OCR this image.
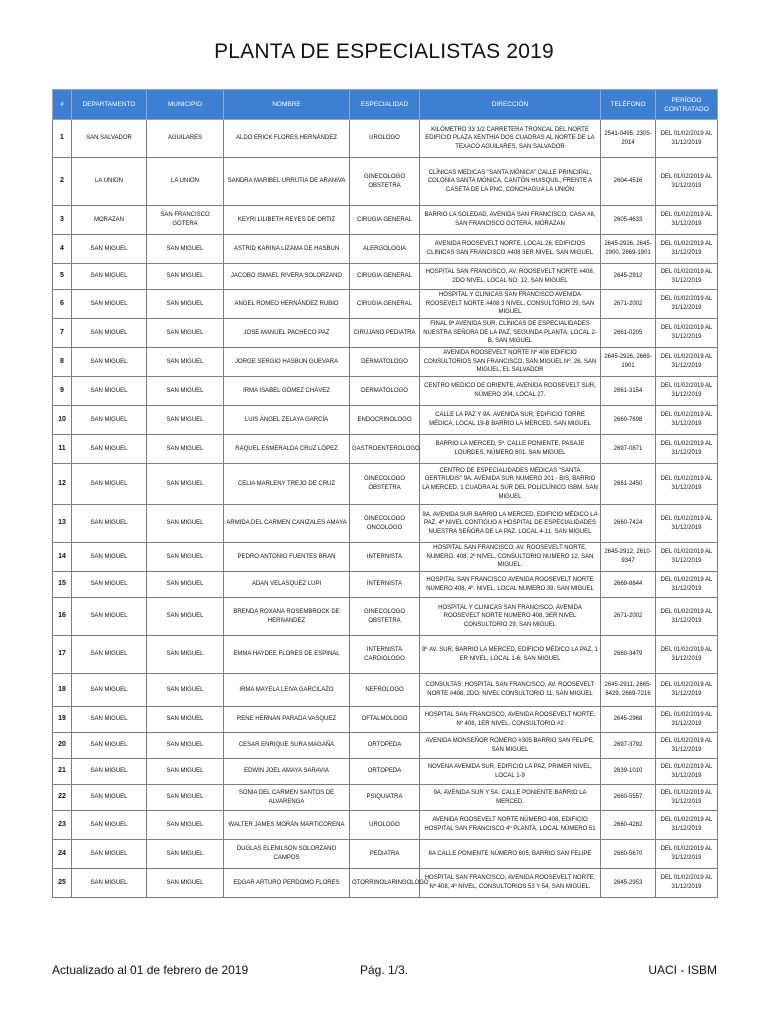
PLANTA DE ESPECIALISTAS 2019
#	DEPARTAMENTO	MUNICIPIO	NOMBRE	ESPECIALIDAD	DIRECCIÓN	TELÉFONO	PERÍODO CONTRATADO
1	SAN SALVADOR	AGUILARES	ALDO ERICK FLORES HERNÁNDEZ	UROLOGO	KILÓMETRO 33 1/2 CARRETERA TRONCAL DEL NORTE EDIFICIO PLAZA XENTHIA DOS CUADRAS AL NORTE DE LA TEXACO AGUILARES, SAN SALVADOR	2541-0495, 2305-2014	DEL 01/02/2019 AL 31/12/2019
2	LA UNION	LA UNION	SANDRA MARIBEL URRUTIA DE ARANIVA	GINECOLOGO OBSTETRA	CLÍNICAS MEDICAS "SANTA MÓNICA" CALLE PRINCIPAL, COLONIA SANTA MÓNICA, CANTÓN HUISQUIL, FRENTE A CASETA DE LA PNC, CONCHAGUA LA UNIÓN	2604-4516	DEL 01/02/2019 AL 31/12/2019
3	MORAZAN	SAN FRANCISCO GOTERA	KEYRI LILIBETH REYES DE ORTIZ	CIRUGIA GENERAL	BARRIO LA SOLEDAD, AVENIDA SAN FRANCISCO, CASA #8, SAN FRANCISCO GOTERA, MORAZAN	2605-4633	DEL 01/02/2019 AL 31/12/2019
4	SAN MIGUEL	SAN MIGUEL	ASTRID KARINA LIZAMA DE HASBUN	ALERGOLOGIA	AVENIDA ROOSEVELT NORTE, LOCAL 26, EDIFICIOS CLINICAS SAN FRANCISCO #408 3ER NIVEL, SAN MIGUEL	2645-2926, 2645-2900, 2669-1901	DEL 01/02/2019 AL 31/12/2019
5	SAN MIGUEL	SAN MIGUEL	JACOBO ISMAEL RIVERA SOLORZANO	CIRUGIA GENERAL	HOSPITAL SAN FRANCISCO, AV. ROOSEVELT NORTE #408, 2DO NIVEL, LOCAL NO. 12, SAN MIGUEL	2645-2912	DEL 01/02/2019 AL 31/12/2019
6	SAN MIGUEL	SAN MIGUEL	ANGEL ROMEO HERNÁNDEZ RUBIO	CIRUGIA GENERAL	HOSPITAL Y CLINICAS SAN FRANCISCO AVENIDA ROOSEVELT NORTE #408 3 NIVEL, CONSULTORIO 29, SAN MIGUEL	2671-2002	DEL 01/02/2019 AL 31/12/2019
7	SAN MIGUEL	SAN MIGUEL	JOSE MANUEL PACHECO PAZ	CIRUJANO PEDIATRA	FINAL 9ª AVENIDA SUR, CLÍNICAS DE ESPECIALIDADES NUESTRA SEÑORA DE LA PAZ, SEGUNDA PLANTA, LOCAL 2-B, SAN MIGUEL	2661-0205	DEL 01/02/2019 AL 31/12/2019
8	SAN MIGUEL	SAN MIGUEL	JORGE SERGIO HASBÚN GUEVARA	DERMATOLOGO	AVENIDA ROOSEVELT NORTE Nº 408 EDIFICIO CONSULTORIOS SAN FRANCISCO, SAN MIGUEL Nº. 26, SAN MIGUEL, EL SALVADOR	2645-2926, 2669-1901	DEL 01/02/2019 AL 31/12/2019
9	SAN MIGUEL	SAN MIGUEL	IRMA ISABEL GÓMEZ CHÁVEZ	DERMATOLOGO	CENTRO MEDICO DE ORIENTE, AVENIDA ROOSEVELT SUR, NÚMERO 204, LOCAL 27.	2661-3154	DEL 01/02/2019 AL 31/12/2019
10	SAN MIGUEL	SAN MIGUEL	LUIS ÁNGEL ZELAYA GARCÍA	ENDOCRINOLOGO	CALLE LA PAZ Y 9A. AVENIDA SUR, EDIFICIO TORRE MÉDICA, LOCAL 19-B BARRIO LA MERCED, SAN MIGUEL	2660-7698	DEL 01/02/2019 AL 31/12/2019
11	SAN MIGUEL	SAN MIGUEL	RAQUEL ESMERALDA CRUZ LÓPEZ	GASTROENTEROLOGO	BARRIO LA MERCED, 5ª. CALLE PONIENTE, PASAJE LOURDES, NÚMERO 601, SAN MIGUEL	2697-0871	DEL 01/02/2019 AL 31/12/2019
12	SAN MIGUEL	SAN MIGUEL	CELIA MARLENY TREJO DE CRUZ	GINECOLOGO OBSTETRA	CENTRO DE ESPECIALIDADES MÉDICAS "SANTA GERTRUDIS" 9A. AVENIDA SUR NUMERO 201 - BIS, BARRIO LA MERCED, 1 CUADRA AL SUR DEL POLICLÍNICO ISBM, SAN MIGUEL	2661-2450	DEL 01/02/2019 AL 31/12/2019
13	SAN MIGUEL	SAN MIGUEL	ARMIDA DEL CARMEN CANIZALES AMAYA	GINECOLOGO ONCOLOGO	9A. AVENIDA SUR BARRIO LA MERCED, EDIFICIO MÉDICO LA PAZ, 4º NIVEL CONTIGUO A HOSPITAL DE ESPECIALIDADES NUESTRA SEÑORA DE LA PAZ, LOCAL 4-11, SAN MIGUEL	2660-7424	DEL 01/02/2019 AL 31/12/2019
14	SAN MIGUEL	SAN MIGUEL	PEDRO ANTONIO FUENTES BRAN	INTERNISTA	HOSPITAL SAN FRANCISCO, AV. ROOSEVELT NORTE, NUMERO. 408, 2º NIVEL, CONSULTORIO NUMERO 12, SAN MIGUEL.	2645-2912, 2610-9347	DEL 01/02/2019 AL 31/12/2019
15	SAN MIGUEL	SAN MIGUEL	ADAN VELASQUEZ LUPI	INTERNISTA	HOSPITAL SAN FRANCISCO AVENIDA ROOSEVELT NORTE NUMERO 408, 4º. NIVEL, LOCAL NUMERO 39, SAN MIGUEL	2669-8844	DEL 01/02/2019 AL 31/12/2019
16	SAN MIGUEL	SAN MIGUEL	BRENDA ROXANA ROSEMBROCK DE HERNANDEZ	GINECOLOGO OBSTETRA	HOSPITAL Y CLINICAS SAN FRANCISCO, AVENIDA ROOSEVELT NORTE NUMERO 408, 3ER NIVEL CONSULTORIO 29, SAN MIGUEL	2671-2002	DEL 01/02/2019 AL 31/12/2019
17	SAN MIGUEL	SAN MIGUEL	EMMA HAYDEE FLORES DE ESPINAL	INTERNISTA CARDIOLOGO	9º AV. SUR, BARRIO LA MERCED, EDIFICIO MÉDICO LA PAZ, 1 ER NIVEL, LOCAL 1-6, SAN MIGUEL	2660-3479	DEL 01/02/2019 AL 31/12/2019
18	SAN MIGUEL	SAN MIGUEL	IRMA MAYELA LEIVA GARCILAZO	NEFROLOGO	CONSULTAS: HOSPITAL SAN FRANCISCO, AV. ROOSEVELT NORTE #408, 2DO. NIVEL CONSULTORIO 11, SAN MIGUEL	2645-2911, 2665-8429, 2669-7216	DEL 01/02/2019 AL 31/12/2019
19	SAN MIGUEL	SAN MIGUEL	RENE HERNAN PARADA VASQUEZ	OFTALMOLOGO	HOSPITAL SAN FRANCISCO, AVENIDA ROOSEVELT NORTE, Nº 408, 1ER NIVEL, CONSULTORIO #2	2645-2968	DEL 01/02/2019 AL 31/12/2019
20	SAN MIGUEL	SAN MIGUEL	CESAR ENRIQUE SURA MAGAÑA	ORTOPEDA	AVENIDA MONSEÑOR ROMERO #305 BARRIO SAN FELIPE, SAN MIGUEL	2697-3792	DEL 01/02/2019 AL 31/12/2019
21	SAN MIGUEL	SAN MIGUEL	EDWIN JOEL AMAYA SARAVIA	ORTOPEDA	NOVENA AVENIDA SUR, EDIFICIO LA PAZ, PRIMER NIVEL, LOCAL 1-9	2639-1010	DEL 01/02/2019 AL 31/12/2019
22	SAN MIGUEL	SAN MIGUEL	SONIA DEL CARMEN SANTOS DE ALVARENGA	PSIQUIATRA	9A. AVENIDA SUR Y 5A. CALLE PONIENTE BARRIO LA MERCED.	2660-5557	DEL 01/02/2019 AL 31/12/2019
23	SAN MIGUEL	SAN MIGUEL	WALTER JAMES MORÁN MARTICORENA	UROLOGO	AVENIDA ROOSEVELT NORTE NÚMERO 408, EDIFICIO HOSPITAL SAN FRANCISCO 4º PLANTA, LOCAL NÚMERO 51	2660-4282	DEL 01/02/2019 AL 31/12/2019
24	SAN MIGUEL	SAN MIGUEL	DUGLAS ELENILSON SOLORZANO CAMPOS	PEDIATRA	8A CALLE PONIENTE NÚMERO 605, BARRIO SAN FELIPE	2660-5670	DEL 01/02/2019 AL 31/12/2019
25	SAN MIGUEL	SAN MIGUEL	EDGAR ARTURO PERDOMO FLORES	OTORRINOLARINGOLOGO	HOSPITAL SAN FRANCISCO, AVENIDA ROOSEVELT NORTE, Nº 408, 4º NIVEL, CONSULTORIOS 53 Y 54, SAN MIGUEL.	2645-2953	DEL 01/02/2019 AL 31/12/2019
Actualizado al 01 de febrero de 2019	Pág. 1/3.	UACI - ISBM
